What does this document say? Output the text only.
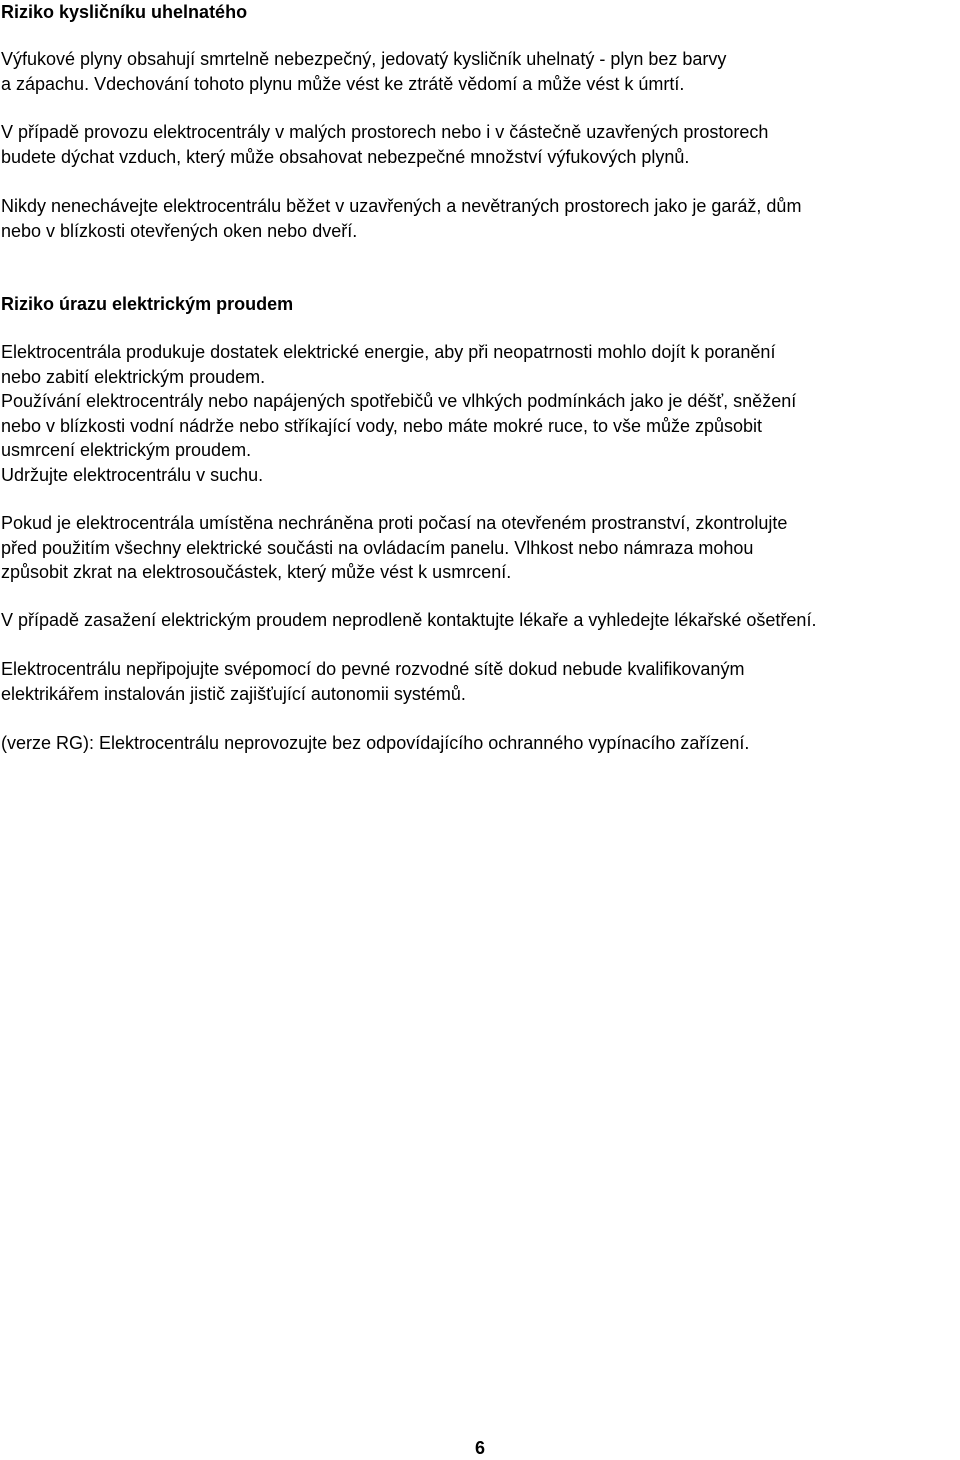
Riziko kysličníku uhelnatého
Výfukové plyny obsahují smrtelně nebezpečný, jedovatý kysličník uhelnatý - plyn bez barvy
a zápachu. Vdechování tohoto plynu může vést ke ztrátě vědomí a může vést k úmrtí.
V případě provozu elektrocentrály v malých prostorech nebo i v částečně uzavřených prostorech
budete dýchat vzduch, který může obsahovat nebezpečné množství výfukových plynů.
Nikdy nenechávejte elektrocentrálu běžet v uzavřených a nevětraných prostorech jako je garáž, dům
nebo v blízkosti otevřených oken nebo dveří.
Riziko úrazu elektrickým proudem
Elektrocentrála produkuje dostatek elektrické energie, aby při neopatrnosti mohlo dojít k poranění
nebo zabití elektrickým proudem.
Používání elektrocentrály nebo napájených spotřebičů ve vlhkých podmínkách jako je déšť, sněžení
nebo v blízkosti vodní nádrže nebo stříkající vody, nebo máte mokré ruce, to vše může způsobit
usmrcení elektrickým proudem.
Udržujte elektrocentrálu v suchu.
Pokud je elektrocentrála umístěna nechráněna proti počasí na otevřeném prostranství, zkontrolujte
před použitím všechny elektrické součásti na ovládacím panelu. Vlhkost nebo námraza mohou
způsobit zkrat na elektrosoučástek, který může vést k usmrcení.
V případě zasažení elektrickým proudem neprodleně kontaktujte lékaře a vyhledejte lékařské ošetření.
Elektrocentrálu nepřipojujte svépomocí do pevné rozvodné sítě dokud nebude kvalifikovaným
elektrikářem instalován jistič zajišťující autonomii systémů.
(verze RG): Elektrocentrálu neprovozujte bez odpovídajícího ochranného vypínacího zařízení.
6
